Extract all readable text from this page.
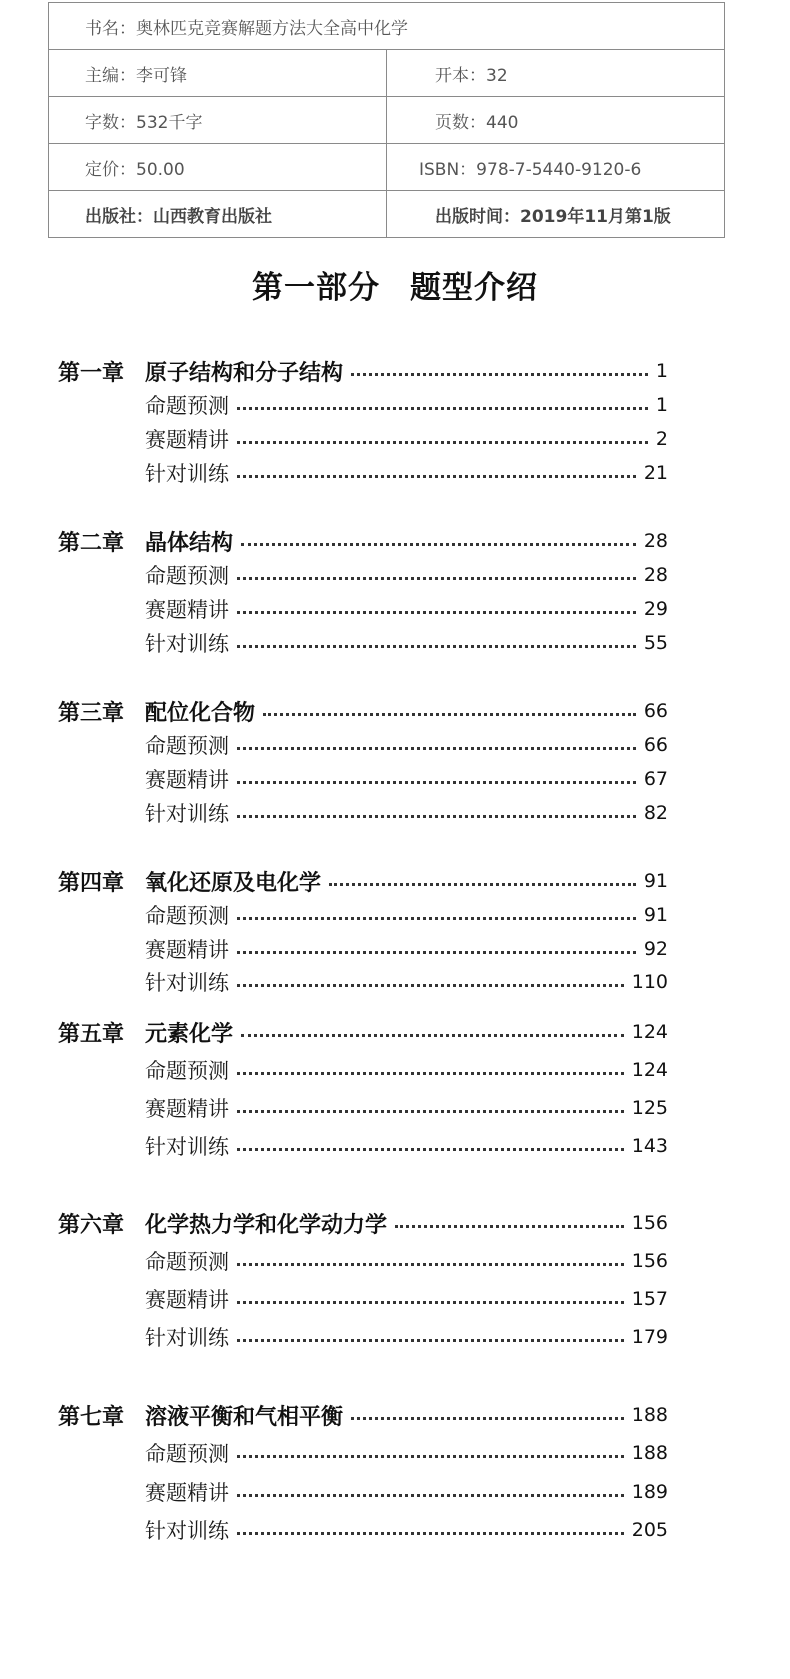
书名：奥林匹克竞赛解题方法大全高中化学	
主编：李可锋	开本：32
字数：532千字	页数：440
定价：50.00	ISBN：978-7-5440-9120-6
出版社：山西教育出版社	出版时间：2019年11月第1版
第一部分 题型介绍
第一章 原子结构和分子结构	1
命题预测	1
赛题精讲	2
针对训练	21
第二章 晶体结构	28
命题预测	28
赛题精讲	29
针对训练	55
第三章 配位化合物	66
命题预测	66
赛题精讲	67
针对训练	82
第四章 氧化还原及电化学	91
命题预测	91
赛题精讲	92
针对训练	110
第五章 元素化学	124
命题预测	124
赛题精讲	125
针对训练	143
第六章 化学热力学和化学动力学	156
命题预测	156
赛题精讲	157
针对训练	179
第七章 溶液平衡和气相平衡	188
命题预测	188
赛题精讲	189
针对训练	205
